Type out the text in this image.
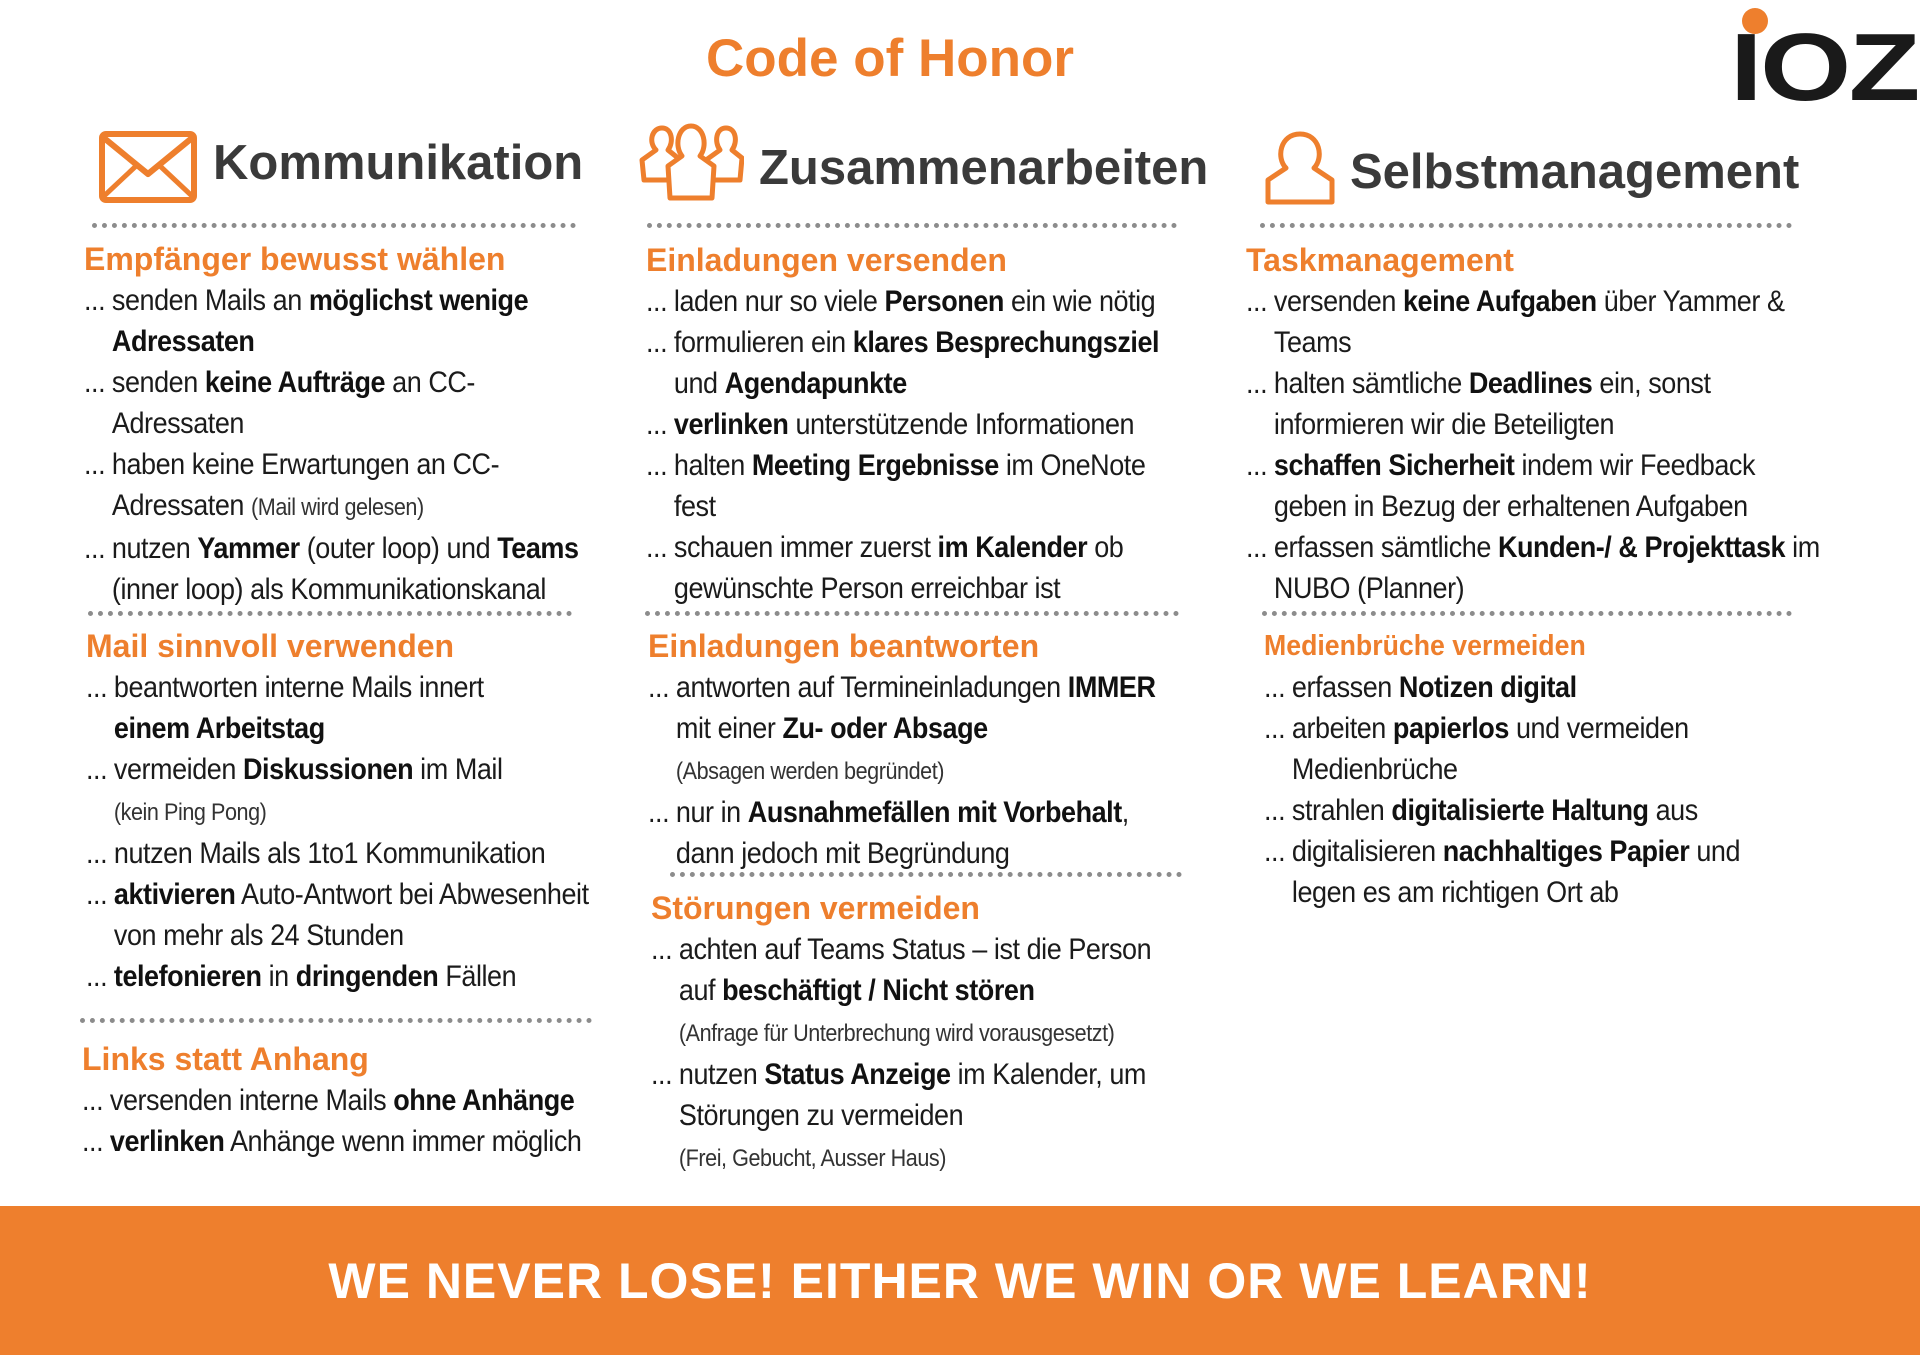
Code of Honor	IOZ
Kommunikation	Zusammenarbeiten	Selbstmanagement
Empfänger bewusst wählen
... senden Mails an möglichst wenige
Adressaten
... senden keine Aufträge an CC-
Adressaten
... haben keine Erwartungen an CC-
Adressaten (Mail wird gelesen)
... nutzen Yammer (outer loop) und Teams
(inner loop) als Kommunikationskanal
Mail sinnvoll verwenden
... beantworten interne Mails innert
einem Arbeitstag
... vermeiden Diskussionen im Mail
(kein Ping Pong)
... nutzen Mails als 1to1 Kommunikation
... aktivieren Auto-Antwort bei Abwesenheit
von mehr als 24 Stunden
... telefonieren in dringenden Fällen
Links statt Anhang
... versenden interne Mails ohne Anhänge
... verlinken Anhänge wenn immer möglich
Einladungen versenden
... laden nur so viele Personen ein wie nötig
... formulieren ein klares Besprechungsziel
und Agendapunkte
... verlinken unterstützende Informationen
... halten Meeting Ergebnisse im OneNote
fest
... schauen immer zuerst im Kalender ob
gewünschte Person erreichbar ist
Einladungen beantworten
... antworten auf Termineinladungen IMMER
mit einer Zu- oder Absage
(Absagen werden begründet)
... nur in Ausnahmefällen mit Vorbehalt,
dann jedoch mit Begründung
Störungen vermeiden
... achten auf Teams Status – ist die Person
auf beschäftigt / Nicht stören
(Anfrage für Unterbrechung wird vorausgesetzt)
... nutzen Status Anzeige im Kalender, um
Störungen zu vermeiden
(Frei, Gebucht, Ausser Haus)
Taskmanagement
... versenden keine Aufgaben über Yammer &
Teams
... halten sämtliche Deadlines ein, sonst
informieren wir die Beteiligten
... schaffen Sicherheit indem wir Feedback
geben in Bezug der erhaltenen Aufgaben
... erfassen sämtliche Kunden-/ & Projekttask im
NUBO (Planner)
Medienbrüche vermeiden
... erfassen Notizen digital
... arbeiten papierlos und vermeiden
Medienbrüche
... strahlen digitalisierte Haltung aus
... digitalisieren nachhaltiges Papier und
legen es am richtigen Ort ab
WE NEVER LOSE! EITHER WE WIN OR WE LEARN!
